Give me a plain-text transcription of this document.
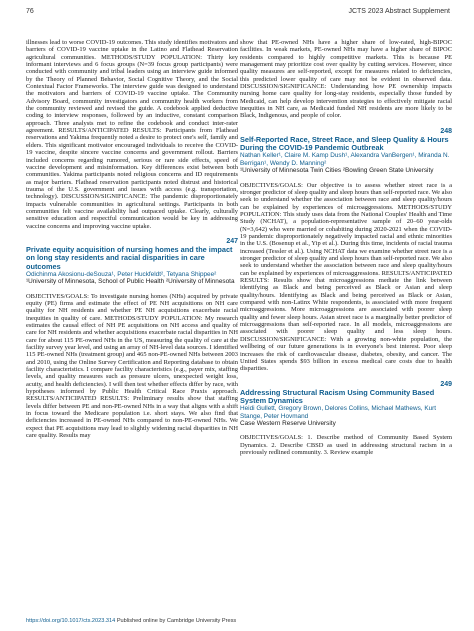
76	JCTS 2023 Abstract Supplement

illnesses lead to worse COVID-19 outcomes. This study identifies motivators and barriers of COVID-19 vaccine uptake in the Latino and Flathead Reservation agricultural communities. METHODS/STUDY POPULATION: Thirty key informant interviews and 6 focus groups (N=39 focus group participants) were conducted with community and tribal leaders using an interview guide informed by the Theory of Planned Behavior, Social Cognitive Theory, and the Social Contextual Factor Frameworks. The interview guide was designed to understand the motivators and barriers of COVID-19 vaccine uptake. The Community Advisory Board, community investigators and community health workers from the community reviewed and revised the guide. A codebook applied deductive coding to interview responses, followed by an inductive, constant comparison approach. Three analysts met to refine the codebook and conduct inter-rater agreement. RESULTS/ANTICIPATED RESULTS: Participants from Flathead reservations and Yakima frequently noted a desire to protect one's self, family and elders. This significant motivator encouraged individuals to receive the COVID-19 vaccine, despite sincere vaccine concerns and government rollout. Barriers included concerns regarding rumored, serious or rare side effects, speed of vaccine development and misinformation. Key differences exist between both communities. Yakima participants noted religious concerns and ID requirements as major barriers. Flathead reservation participants noted distrust and historical trauma of the U.S. government and issues with access (e.g. transportation, technology). DISCUSSION/SIGNIFICANCE: The pandemic disproportionately impacts vulnerable communities in agricultural settings. Participants in both communities felt vaccine availability had outpaced uptake. Clearly, culturally sensitive education and respectful communication would be key in addressing vaccine concerns and improving vaccine uptake.

247

Private equity acquisition of nursing homes and the impact on long stay residents and racial disparities in care outcomes

Odichinma Akosionu-deSouza¹, Peter Huckfeldt², Tetyana Shippee²

¹University of Minnesota, School of Public Health ²University of Minnesota

OBJECTIVES/GOALS: To investigate nursing homes (NHs) acquired by private equity (PE) firms and estimate the effect of PE NH acquisitions on NH care quality for NH residents and whether PE NH acquisitions exacerbate racial inequities in quality of care. METHODS/STUDY POPULATION: My research estimates the causal effect of NH PE acquisitions on NH access and quality of care for NH residents and whether acquisitions exacerbate racial disparities in NH care for about 115 PE-owned NHs in the US, measuring the quality of care at the facility survey year level, and using an array of NH-level data sources. I identified 115 PE-owned NHs (treatment group) and 465 non-PE-owned NHs between 2003 and 2010, using the Online Survey Certification and Reporting database to obtain facility characteristics. I compare facility characteristics (e.g., payer mix, staffing levels, and quality measures such as pressure ulcers, unexpected weight loss, acuity, and health deficiencies). I will then test whether effects differ by race, with hypotheses informed by Public Health Critical Race Praxis approach. RESULTS/ANTICIPATED RESULTS: Preliminary results show that staffing levels differ between PE and non-PE-owned NHs in a way that aligns with a shift in focus toward the Medicare population i.e. short stays. We also find that deficiencies increased in PE-owned NHs compared to non-PE-owned NHs. We expect that PE acquisitions may lead to slightly widening racial disparities in NH care quality. Results may

show that PE-owned NHs have a higher share of low-rated, high-BIPOC facilities. In weak markets, PE-owned NHs may have a higher share of BIPOC residents compared to highly competitive markets. This is because PE management may prioritize cost over quality by cutting services. However, since quality measures are self-reported, except for measures related to deficiencies, this predicted lower quality of care may not be evident in observed data. DISCUSSION/SIGNIFICANCE: Understanding how PE ownership impacts nursing home care quality for long-stay residents, especially those funded by Medicaid, can help develop intervention strategies to effectively mitigate racial inequities in NH care, as Medicaid funded NH residents are more likely to be Black, Indigenous, and people of color.

248

Self-Reported Race, Street Race, and Sleep Quality & Hours During the COVID-19 Pandemic Outbreak

Nathan Keller¹, Claire M. Kamp Dush¹, Alexandra VanBergen¹, Miranda N. Berrigan¹, Wendy D. Manning²

¹University of Minnesota Twin Cities ²Bowling Green State University

OBJECTIVES/GOALS: Our objective is to assess whether street race is a stronger predictor of sleep quality and sleep hours than self-reported race. We also seek to understand whether the association between race and sleep quality/hours can be explained by experiences of microaggressions. METHODS/STUDY POPULATION: This study uses data from the National Couples' Health and Time Study (NCHAT), a population-representative sample of 20–60 year-olds (N=3,642) who were married or cohabiting during 2020-2021 when the COVID-19 pandemic disproportionately negatively impacted racial and ethnic minorities in the U.S. (Bosenup et al., Yip et al.). During this time, incidents of racial trauma increased (Tessler et al.). Using NCHAT data we examine whether street race is a stronger predictor of sleep quality and sleep hours than self-reported race. We also seek to understand whether the association between race and sleep quality/hours can be explained by experiences of microaggressions. RESULTS/ANTICIPATED RESULTS: Results show that microaggressions mediate the link between identifying as Black and being perceived as Black or Asian and sleep quality/hours. Identifying as Black and being perceived as Black or Asian, compared with non-Latinx White respondents, is associated with more frequent microaggressions. More microaggressions are associated with poorer sleep quality and fewer sleep hours. Asian street race is a marginally better predictor of microaggressions than self-reported race. In all models, microaggressions are associated with poorer sleep quality and less sleep hours. DISCUSSION/SIGNIFICANCE: With a growing non-white population, the wellbeing of our future generations is in everyone's best interest. Poor sleep increases the risk of cardiovascular disease, diabetes, obesity, and cancer. The United States spends $93 billion in excess medical care costs due to health disparities.

249

Addressing Structural Racism Using Community Based System Dynamics

Heidi Gullett, Gregory Brown, Delores Collins, Michael Mathews, Kurt Stange, Peter Hovmand

Case Western Reserve University

OBJECTIVES/GOALS: 1. Describe method of Community Based System Dynamics. 2. Describe CBSD as used in addressing structural racism in a previously redlined community. 3. Review example

https://doi.org/10.1017/cts.2023.314 Published online by Cambridge University Press
